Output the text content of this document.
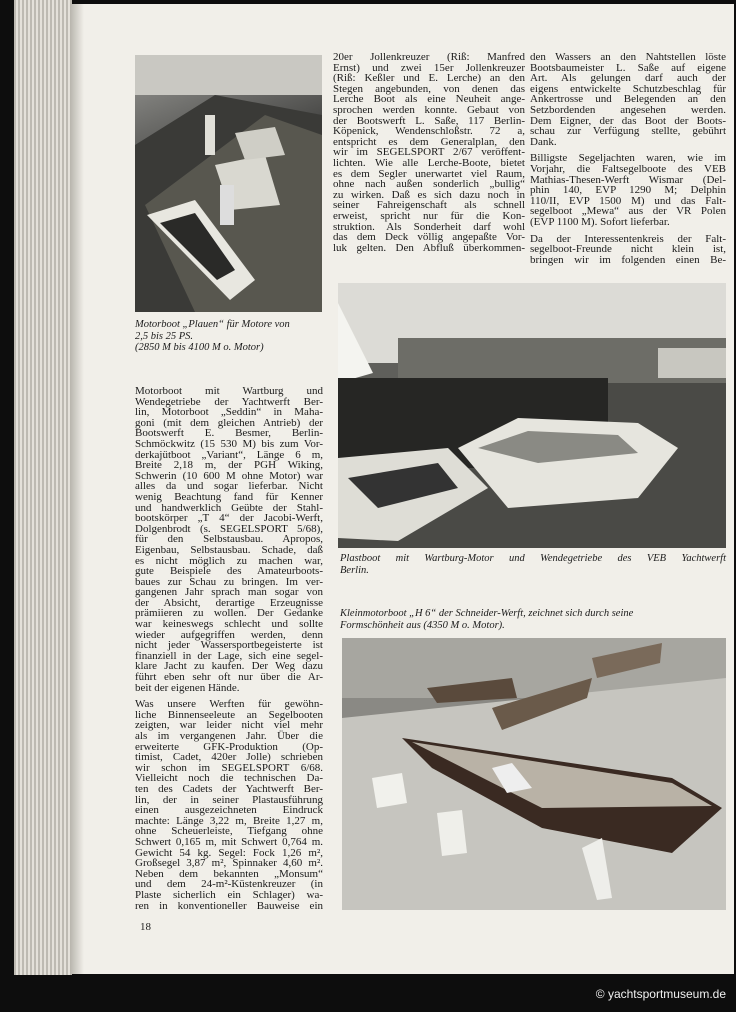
Motorboot mit Wartburg und
Wendegetriebe der Yachtwerft Ber-
lin, Motorboot „Seddin“ in Maha-
goni (mit dem gleichen Antrieb) der
Bootswerft E. Besmer, Berlin-
Schmöckwitz (15 530 M) bis zum Vor-
derkajütboot „Variant“, Länge 6 m,
Breite 2,18 m, der PGH Wiking,
Schwerin (10 600 M ohne Motor) war
alles da und sogar lieferbar. Nicht
wenig Beachtung fand für Kenner
und handwerklich Geübte der Stahl-
bootskörper „T 4“ der Jacobi-Werft,
Dolgenbrodt (s. SEGELSPORT 5/68),
für den Selbstausbau. Apropos,
Eigenbau, Selbstausbau. Schade, daß
es nicht möglich zu machen war,
gute Beispiele des Amateurboots-
baues zur Schau zu bringen. Im ver-
gangenen Jahr sprach man sogar von
der Absicht, derartige Erzeugnisse
prämiieren zu wollen. Der Gedanke
war keineswegs schlecht und sollte
wieder aufgegriffen werden, denn
nicht jeder Wassersportbegeisterte ist
finanziell in der Lage, sich eine segel-
klare Jacht zu kaufen. Der Weg dazu
führt eben sehr oft nur über die Ar-
beit der eigenen Hände.
Was unsere Werften für gewöhn-
liche Binnenseeleute an Segelbooten
zeigten, war leider nicht viel mehr
als im vergangenen Jahr. Über die
erweiterte GFK-Produktion (Op-
timist, Cadet, 420er Jolle) schrieben
wir schon im SEGELSPORT 6/68.
Vielleicht noch die technischen Da-
ten des Cadets der Yachtwerft Ber-
lin, der in seiner Plastausführung
einen ausgezeichneten Eindruck
machte: Länge 3,22 m, Breite 1,27 m,
ohne Scheuerleiste, Tiefgang ohne
Schwert 0,165 m, mit Schwert 0,764 m.
Gewicht 54 kg. Segel: Fock 1,26 m²,
Großsegel 3,87 m², Spinnaker 4,60 m².
Neben dem bekannten „Monsum“
und dem 24-m²-Küstenkreuzer (in
Plaste sicherlich ein Schlager) wa-
ren in konventioneller Bauweise ein
20er Jollenkreuzer (Riß: Manfred
Ernst) und zwei 15er Jollenkreuzer
(Riß: Keßler und E. Lerche) an den
Stegen angebunden, von denen das
Lerche Boot als eine Neuheit ange-
sprochen werden konnte. Gebaut von
der Bootswerft L. Saße, 117 Berlin-
Köpenick, Wendenschloßstr. 72 a,
entspricht es dem Generalplan, den
wir im SEGELSPORT 2/67 veröffent-
lichten. Wie alle Lerche-Boote, bietet
es dem Segler unerwartet viel Raum,
ohne nach außen sonderlich „bullig“
zu wirken. Daß es sich dazu noch in
seiner Fahreigenschaft als schnell
erweist, spricht nur für die Kon-
struktion. Als Sonderheit darf wohl
das dem Deck völlig angepaßte Vor-
luk gelten. Den Abfluß überkommen-
den Wassers an den Nahtstellen löste
Bootsbaumeister L. Saße auf eigene
Art. Als gelungen darf auch der
eigens entwickelte Schutzbeschlag für
Ankertrosse und Belegenden an den
Setzbordenden angesehen werden.
Dem Eigner, der das Boot der Boots-
schau zur Verfügung stellte, gebührt
Dank.
Billigste Segeljachten waren, wie im
Vorjahr, die Faltsegelboote des VEB
Mathias-Thesen-Werft Wismar (Del-
phin 140, EVP 1290 M; Delphin
110/II, EVP 1500 M) und das Falt-
segelboot „Mewa“ aus der VR Polen
(EVP 1100 M). Sofort lieferbar.
Da der Interessentenkreis der Falt-
segelboot-Freunde nicht klein ist,
bringen wir im folgenden einen Be-
Motorboot „Plauen“ für Motore von
2,5 bis 25 PS.
(2850 M bis 4100 M o. Motor)
Plastboot mit Wartburg-Motor und Wendegetriebe des VEB Yachtwerft
Berlin.
Kleinmotorboot „H 6“ der Schneider-Werft, zeichnet sich durch seine
Formschönheit aus (4350 M o. Motor).
18
© yachtsportmuseum.de
